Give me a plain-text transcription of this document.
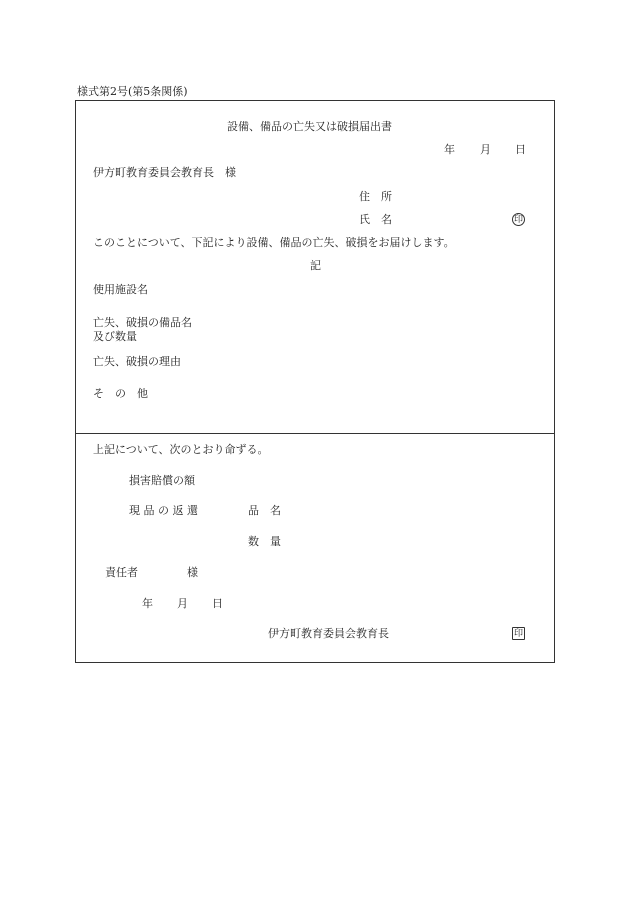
様式第2号(第5条関係)
設備、備品の亡失又は破損届出書
年 月 日
伊方町教育委員会教育長　様
住　所
氏　名	印
このことについて、下記により設備、備品の亡失、破損をお届けします。
記
使用施設名
亡失、破損の備品名
及び数量
亡失、破損の理由
そ　の　他
上記について、次のとおり命ずる。
損害賠償の額
現 品 の 返 還	品　名
数　量
責任者	様
年 月 日
伊方町教育委員会教育長	印
